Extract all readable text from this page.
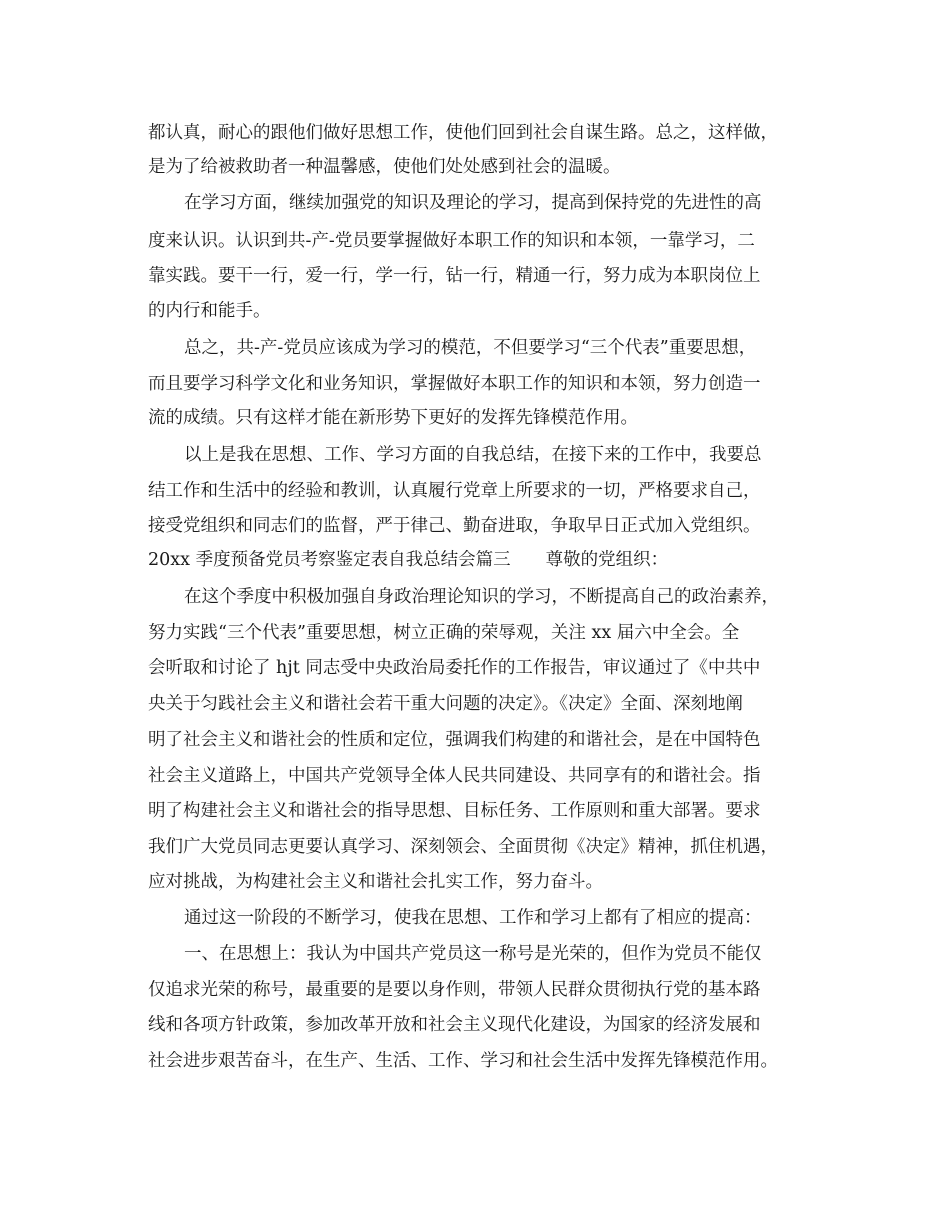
都认真，耐心的跟他们做好思想工作，使他们回到社会自谋生路。总之，这样做，
是为了给被救助者一种温馨感，使他们处处感到社会的温暖。
在学习方面，继续加强党的知识及理论的学习，提高到保持党的先进性的高
度来认识。认识到共-产-党员要掌握做好本职工作的知识和本领，一靠学习，二
靠实践。要干一行，爱一行，学一行，钻一行，精通一行，努力成为本职岗位上
的内行和能手。
总之，共-产-党员应该成为学习的模范，不但要学习“三个代表”重要思想，
而且要学习科学文化和业务知识，掌握做好本职工作的知识和本领，努力创造一
流的成绩。只有这样才能在新形势下更好的发挥先锋模范作用。
以上是我在思想、工作、学习方面的自我总结，在接下来的工作中，我要总
结工作和生活中的经验和教训，认真履行党章上所要求的一切，严格要求自己，
接受党组织和同志们的监督，严于律己、勤奋进取，争取早日正式加入党组织。
20xx 季度预备党员考察鉴定表自我总结会篇三　　尊敬的党组织：
在这个季度中积极加强自身政治理论知识的学习，不断提高自己的政治素养，
努力实践“三个代表”重要思想，树立正确的荣辱观，关注 xx 届六中全会。全
会听取和讨论了 hjt 同志受中央政治局委托作的工作报告，审议通过了《中共中
央关于匀践社会主义和谐社会若干重大问题的决定》。《决定》全面、深刻地阐
明了社会主义和谐社会的性质和定位，强调我们构建的和谐社会，是在中国特色
社会主义道路上，中国共产党领导全体人民共同建设、共同享有的和谐社会。指
明了构建社会主义和谐社会的指导思想、目标任务、工作原则和重大部署。要求
我们广大党员同志更要认真学习、深刻领会、全面贯彻《决定》精神，抓住机遇，
应对挑战，为构建社会主义和谐社会扎实工作，努力奋斗。
通过这一阶段的不断学习，使我在思想、工作和学习上都有了相应的提高：
一、在思想上：我认为中国共产党员这一称号是光荣的，但作为党员不能仅
仅追求光荣的称号，最重要的是要以身作则，带领人民群众贯彻执行党的基本路
线和各项方针政策，参加改革开放和社会主义现代化建设，为国家的经济发展和
社会进步艰苦奋斗，在生产、生活、工作、学习和社会生活中发挥先锋模范作用。
